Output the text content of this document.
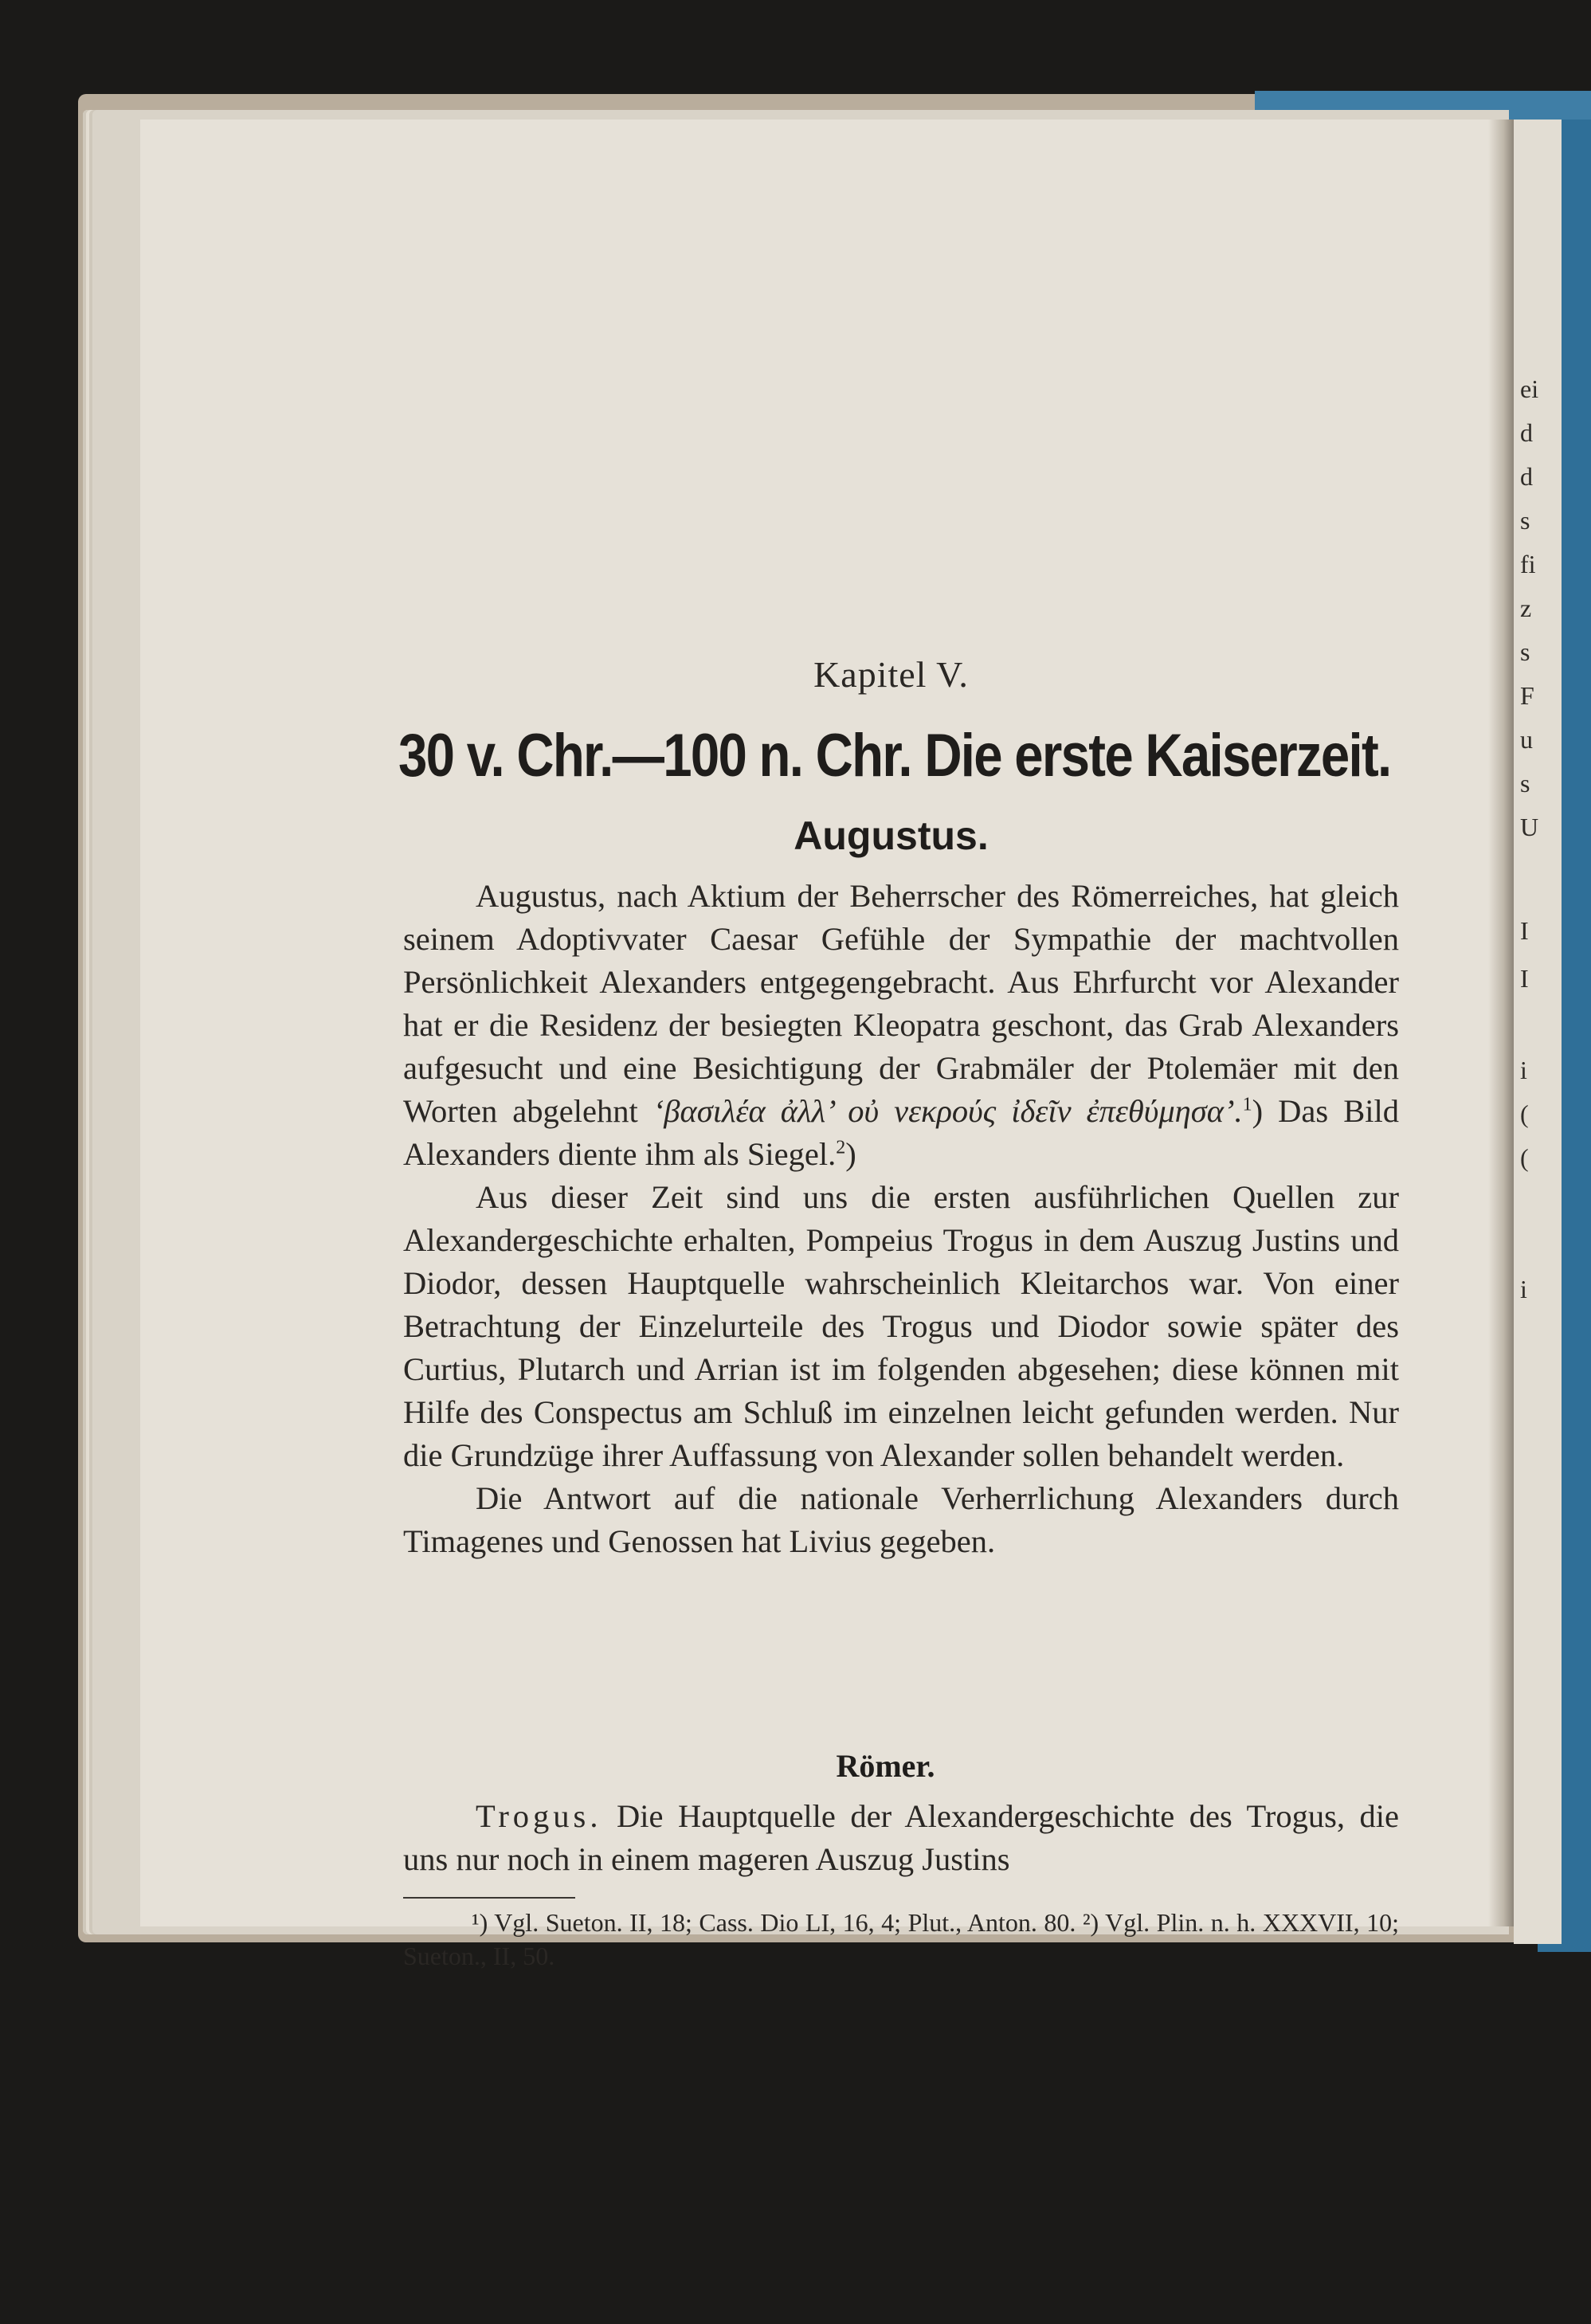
ei
d
d
s
fi
z
s
F
u
s
U
I
I
i
(
(
i
Kapitel V.
30 v. Chr.—100 n. Chr. Die erste Kaiserzeit.
Augustus.

Augustus, nach Aktium der Beherrscher des Römerreiches, hat gleich seinem Adoptivvater Caesar Gefühle der Sympathie der machtvollen Persönlichkeit Alexanders entgegengebracht. Aus Ehrfurcht vor Alexander hat er die Residenz der besiegten Kleopatra geschont, das Grab Alexanders aufgesucht und eine Besichtigung der Grabmäler der Ptolemäer mit den Worten abgelehnt ‘βασιλέα ἀλλ’ οὐ νεκρούς ἰδεῖν ἐπεθύμησα’.$^1$) Das Bild Alexanders diente ihm als Siegel.$^2$)

Aus dieser Zeit sind uns die ersten ausführlichen Quellen zur Alexandergeschichte erhalten, Pompeius Trogus in dem Auszug Justins und Diodor, dessen Hauptquelle wahrscheinlich Kleitarchos war. Von einer Betrachtung der Einzelurteile des Trogus und Diodor sowie später des Curtius, Plutarch und Arrian ist im folgenden abgesehen; diese können mit Hilfe des Conspectus am Schluß im einzelnen leicht gefunden werden. Nur die Grundzüge ihrer Auffassung von Alexander sollen behandelt werden.

Die Antwort auf die nationale Verherrlichung Alexanders durch Timagenes und Genossen hat Livius gegeben.

Römer.

Trogus. Die Hauptquelle der Alexandergeschichte des Trogus, die uns nur noch in einem mageren Auszug Justins

¹) Vgl. Sueton. II, 18; Cass. Dio LI, 16, 4; Plut., Anton. 80. ²) Vgl. Plin. n. h. XXXVII, 10; Sueton., II, 50.
